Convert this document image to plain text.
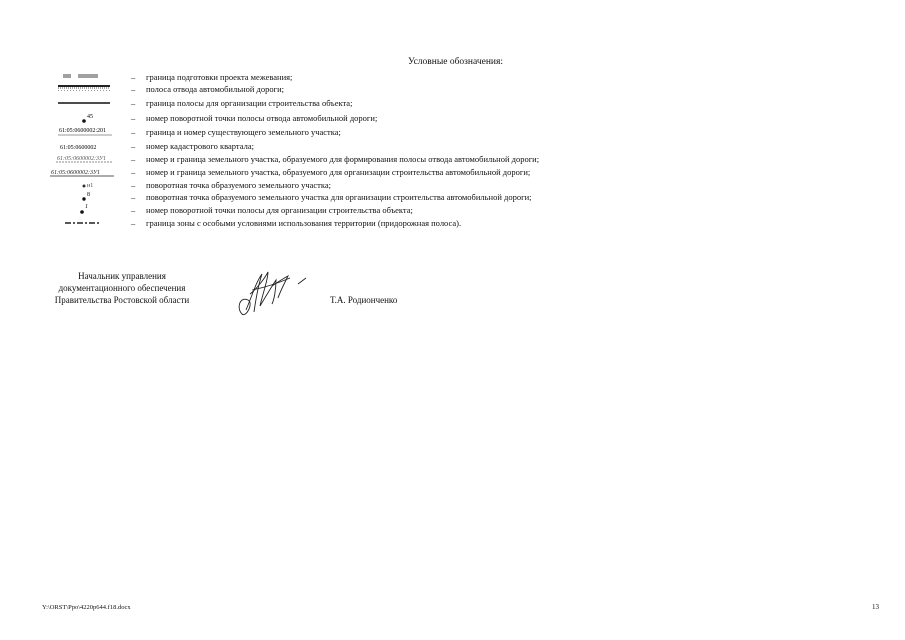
Условные обозначения:
– граница подготовки проекта межевания;
– полоса отвода автомобильной дороги;
– граница полосы для организации строительства объекта;
45	– номер поворотной точки полосы отвода автомобильной дороги;
61:05:0600002:201	– граница и номер существующего земельного участка;
61:05:0600002	– номер кадастрового квартала;
61:05:0600002:3У1	– номер и граница земельного участка, образуемого для формирования полосы отвода автомобильной дороги;
61:05:0600002:3У1	– номер и граница земельного участка, образуемого для организации строительства автомобильной дороги;
н1	– поворотная точка образуемого земельного участка;
8	– поворотная точка образуемого земельного участка для организации строительства автомобильной дороги;
1	– номер поворотной точки полосы для организации строительства объекта;
– граница зоны с особыми условиями использования территории (придорожная полоса).
Начальник управления
документационного обеспечения
Правительства Ростовской области	Т.А. Родионченко
Y:\ORST\Ppo\4220p644.f18.docx	13
